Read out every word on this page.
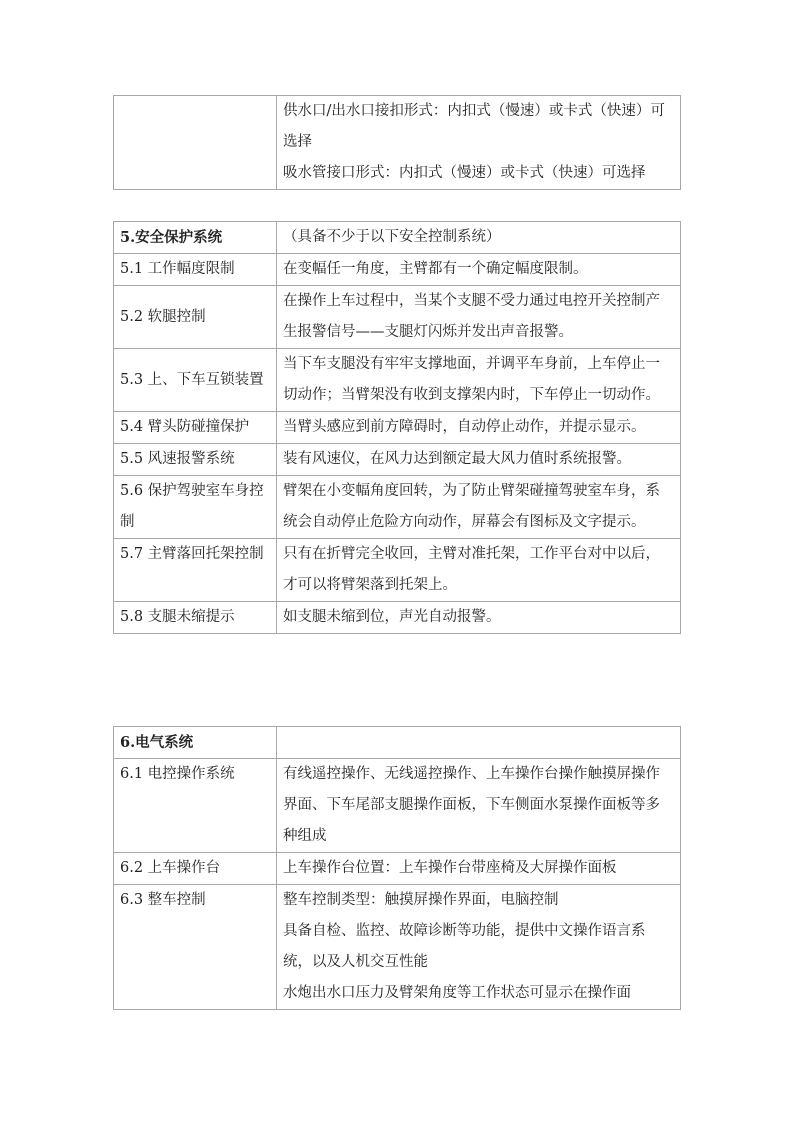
供水口/出水口接扣形式：内扣式（慢速）或卡式（快速）可选择
吸水管接口形式：内扣式（慢速）或卡式（快速）可选择
5.安全保护系统	（具备不少于以下安全控制系统）
5.1 工作幅度限制	在变幅任一角度，主臂都有一个确定幅度限制。
5.2 软腿控制	在操作上车过程中，当某个支腿不受力通过电控开关控制产生报警信号——支腿灯闪烁并发出声音报警。
5.3 上、下车互锁装置	当下车支腿没有牢牢支撑地面，并调平车身前，上车停止一切动作；当臂架没有收到支撑架内时，下车停止一切动作。
5.4 臂头防碰撞保护	当臂头感应到前方障碍时，自动停止动作，并提示显示。
5.5 风速报警系统	装有风速仪，在风力达到额定最大风力值时系统报警。
5.6 保护驾驶室车身控制	臂架在小变幅角度回转，为了防止臂架碰撞驾驶室车身，系统会自动停止危险方向动作，屏幕会有图标及文字提示。
5.7 主臂落回托架控制	只有在折臂完全收回，主臂对准托架，工作平台对中以后，才可以将臂架落到托架上。
5.8 支腿未缩提示	如支腿未缩到位，声光自动报警。
6.电气系统	
6.1 电控操作系统	有线遥控操作、无线遥控操作、上车操作台操作触摸屏操作界面、下车尾部支腿操作面板，下车侧面水泵操作面板等多种组成

6.2 上车操作台	上车操作台位置：上车操作台带座椅及大屏操作面板

6.3 整车控制	整车控制类型：触摸屏操作界面，电脑控制
具备自检、监控、故障诊断等功能，提供中文操作语言系统，以及人机交互性能
水炮出水口压力及臂架角度等工作状态可显示在操作面
